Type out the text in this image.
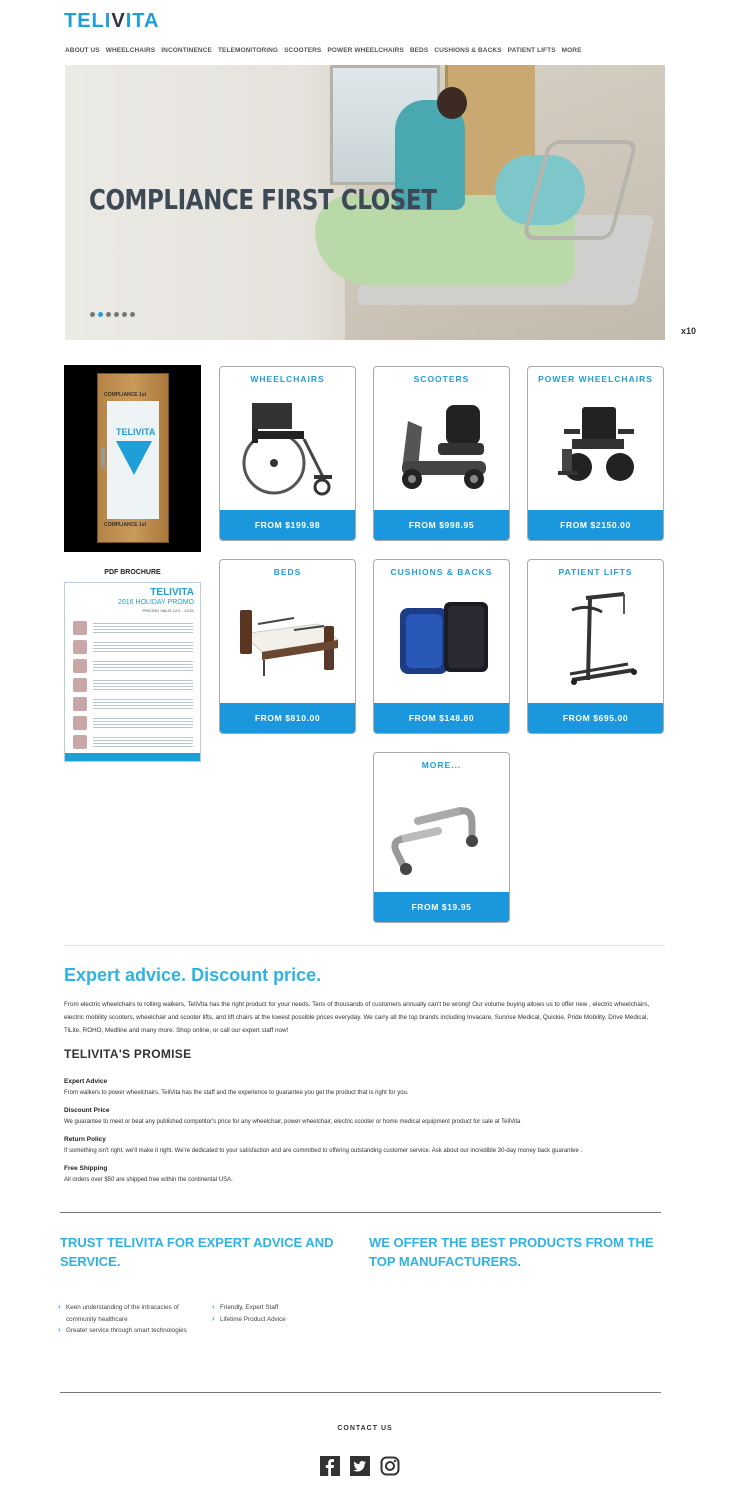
TELIVITA
ABOUT US WHEELCHAIRS INCONTINENCE TELEMONITORING SCOOTERS POWER WHEELCHAIRS BEDS CUSHIONS & BACKS PATIENT LIFTS MORE
COMPLIANCE FIRST CLOSET
x10
COMPLIANCE 1st
TELIVITA
COMPLIANCE 1st
PDF BROCHURE
TELIVITA
2016 HOLIDAY PROMO
PRICING VALID 12/1 - 12/31
WHEELCHAIRS
FROM $199.98
SCOOTERS
FROM $998.95
POWER WHEELCHAIRS
FROM $2150.00
BEDS
FROM $810.00
CUSHIONS & BACKS
FROM $148.80
PATIENT LIFTS
FROM $695.00
MORE...
FROM $19.95
Expert advice. Discount price.

From electric wheelchairs to rolling walkers, TeliVita has the right product for your needs. Tens of thousands of customers annually can't be wrong! Our volume buying allows us to offer new , electric wheelchairs, electric mobility scooters, wheelchair and scooter lifts, and lift chairs at the lowest possible prices everyday. We carry all the top brands including Invacare, Sunrise Medical, Quickie, Pride Mobility, Drive Medical, TiLite, ROHO, Medline and many more. Shop online, or call our expert staff now!

TELIVITA'S PROMISE
Expert Advice
From walkers to power wheelchairs, TeliVita has the staff and the experience to guarantee you get the product that is right for you.
Discount Price
We guarantee to meet or beat any published competitor's price for any wheelchair, power wheelchair, electric scooter or home medical equipment product for sale at TeliVita
Return Policy
If something isn't right, we'll make it right. We're dedicated to your satisfaction and are committed to offering outstanding customer service. Ask about our incredible 30-day money back guarantee .
Free Shipping
All orders over $50 are shipped free within the continental USA.
TRUST TELIVITA FOR EXPERT ADVICE AND SERVICE.
WE OFFER THE BEST PRODUCTS FROM THE TOP MANUFACTURERS.
› Keen understanding of the intracacies of community healthcare
› Greater service through smart technologies
› Friendly, Expert Staff
› Lifetime Product Advice
CONTACT US
